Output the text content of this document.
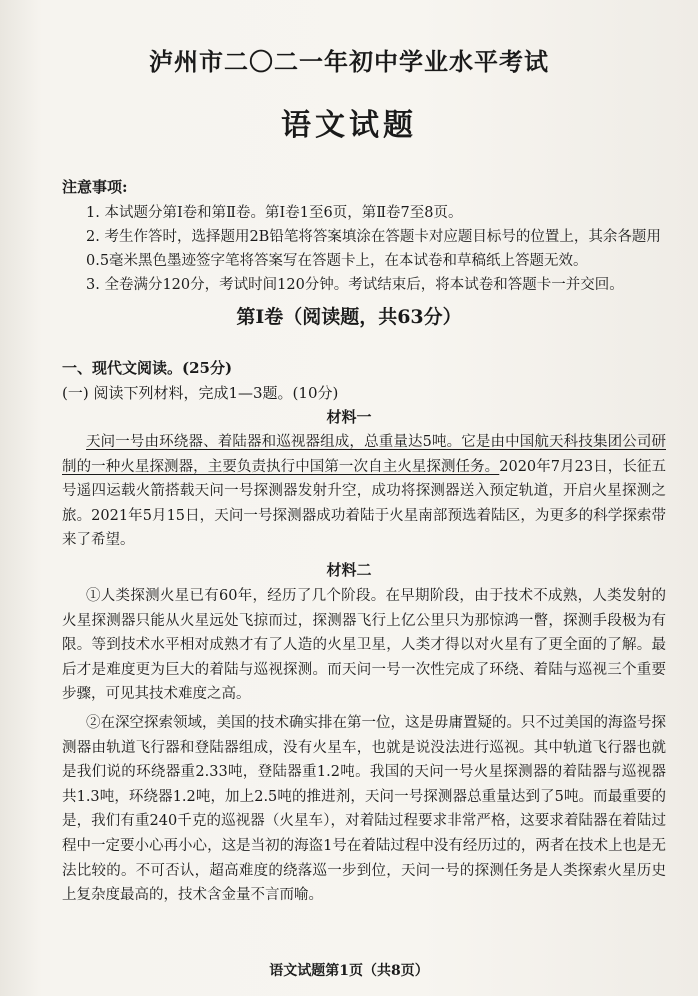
泸州市二〇二一年初中学业水平考试
语文试题
注意事项:
1. 本试题分第Ⅰ卷和第Ⅱ卷。第Ⅰ卷1至6页，第Ⅱ卷7至8页。
2. 考生作答时，选择题用2B铅笔将答案填涂在答题卡对应题目标号的位置上，其余各题用0.5毫米黑色墨迹签字笔将答案写在答题卡上，在本试卷和草稿纸上答题无效。
3. 全卷满分120分，考试时间120分钟。考试结束后，将本试卷和答题卡一并交回。
第Ⅰ卷（阅读题，共63分）
一、现代文阅读。(25分)
(一) 阅读下列材料，完成1—3题。(10分)
材料一
天问一号由环绕器、着陆器和巡视器组成，总重量达5吨。它是由中国航天科技集团公司研制的一种火星探测器，主要负责执行中国第一次自主火星探测任务。2020年7月23日，长征五号遥四运载火箭搭载天问一号探测器发射升空，成功将探测器送入预定轨道，开启火星探测之旅。2021年5月15日，天问一号探测器成功着陆于火星南部预选着陆区，为更多的科学探索带来了希望。
材料二
①人类探测火星已有60年，经历了几个阶段。在早期阶段，由于技术不成熟，人类发射的火星探测器只能从火星远处飞掠而过，探测器飞行上亿公里只为那惊鸿一瞥，探测手段极为有限。等到技术水平相对成熟才有了人造的火星卫星，人类才得以对火星有了更全面的了解。最后才是难度更为巨大的着陆与巡视探测。而天问一号一次性完成了环绕、着陆与巡视三个重要步骤，可见其技术难度之高。
②在深空探索领域，美国的技术确实排在第一位，这是毋庸置疑的。只不过美国的海盗号探测器由轨道飞行器和登陆器组成，没有火星车，也就是说没法进行巡视。其中轨道飞行器也就是我们说的环绕器重2.33吨，登陆器重1.2吨。我国的天问一号火星探测器的着陆器与巡视器共1.3吨，环绕器1.2吨，加上2.5吨的推进剂，天问一号探测器总重量达到了5吨。而最重要的是，我们有重240千克的巡视器（火星车），对着陆过程要求非常严格，这要求着陆器在着陆过程中一定要小心再小心，这是当初的海盗1号在着陆过程中没有经历过的，两者在技术上也是无法比较的。不可否认，超高难度的绕落巡一步到位，天问一号的探测任务是人类探索火星历史上复杂度最高的，技术含金量不言而喻。
语文试题第1页（共8页）
